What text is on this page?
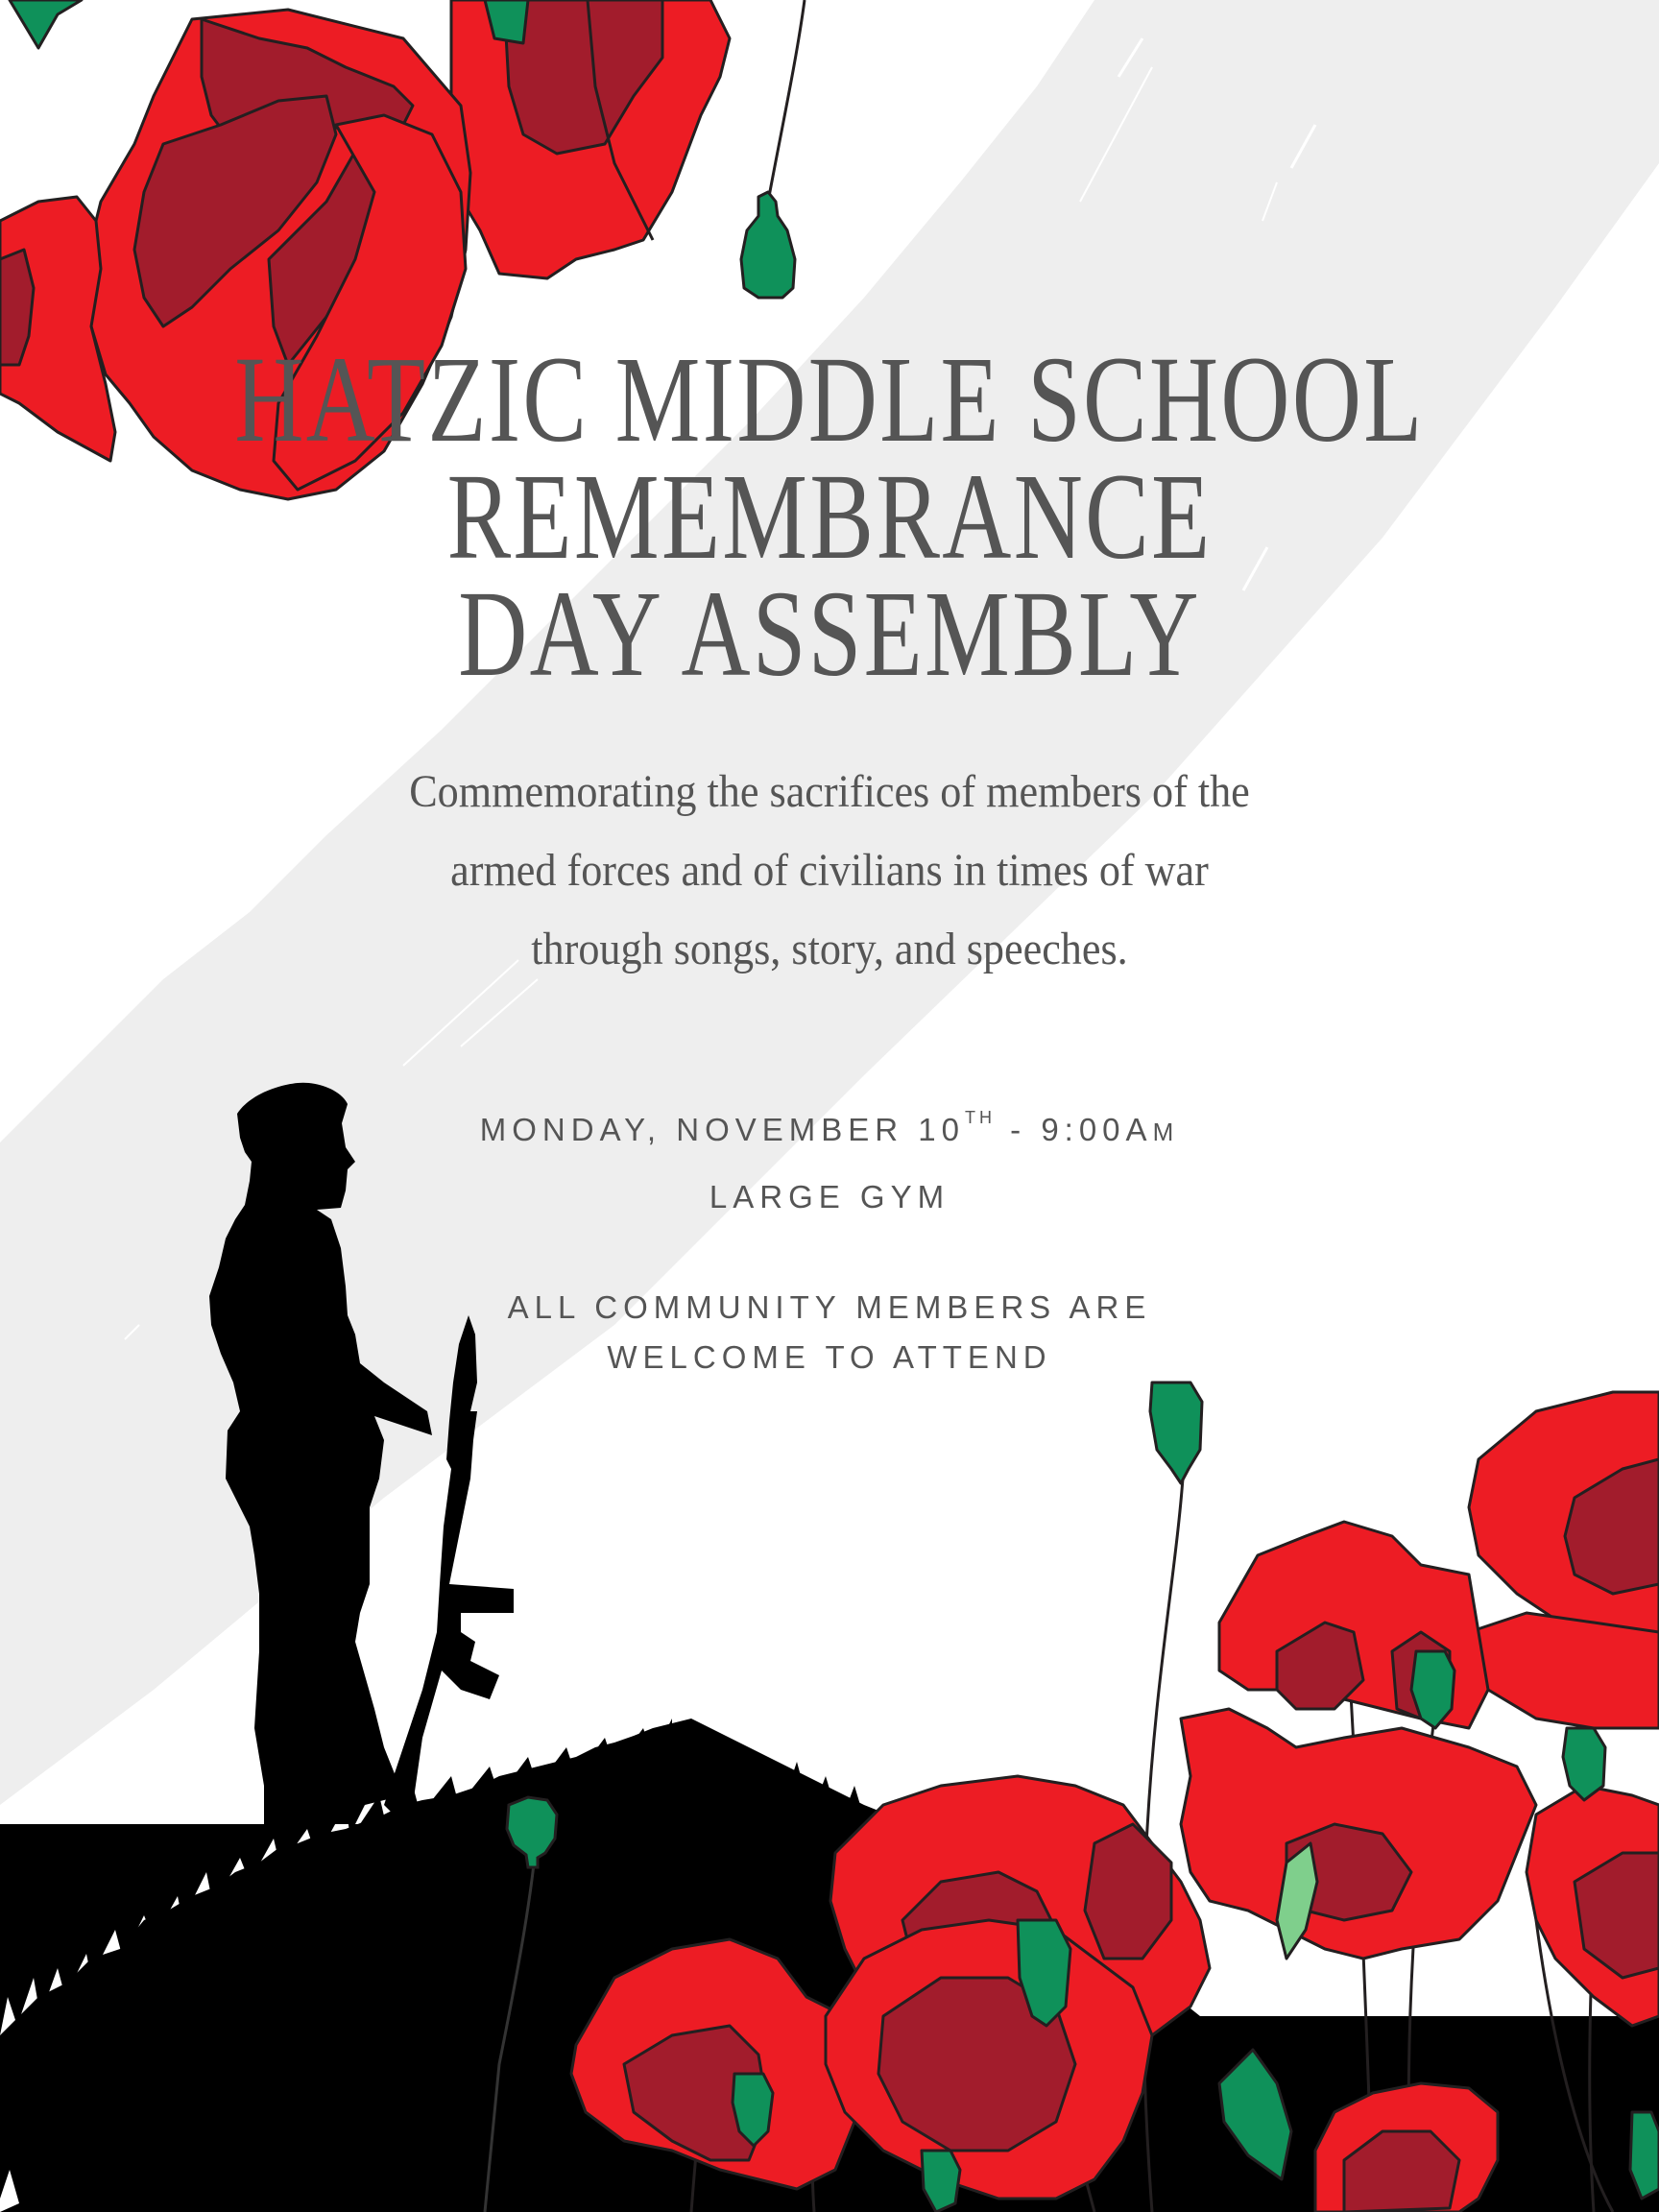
HATZIC MIDDLE SCHOOL
REMEMBRANCE
DAY ASSEMBLY
Commemorating the sacrifices of members of the
armed forces and of civilians in times of war
through songs, story, and speeches.
MONDAY, NOVEMBER 10TH - 9:00AM
LARGE GYM
ALL COMMUNITY MEMBERS ARE
WELCOME TO ATTEND
